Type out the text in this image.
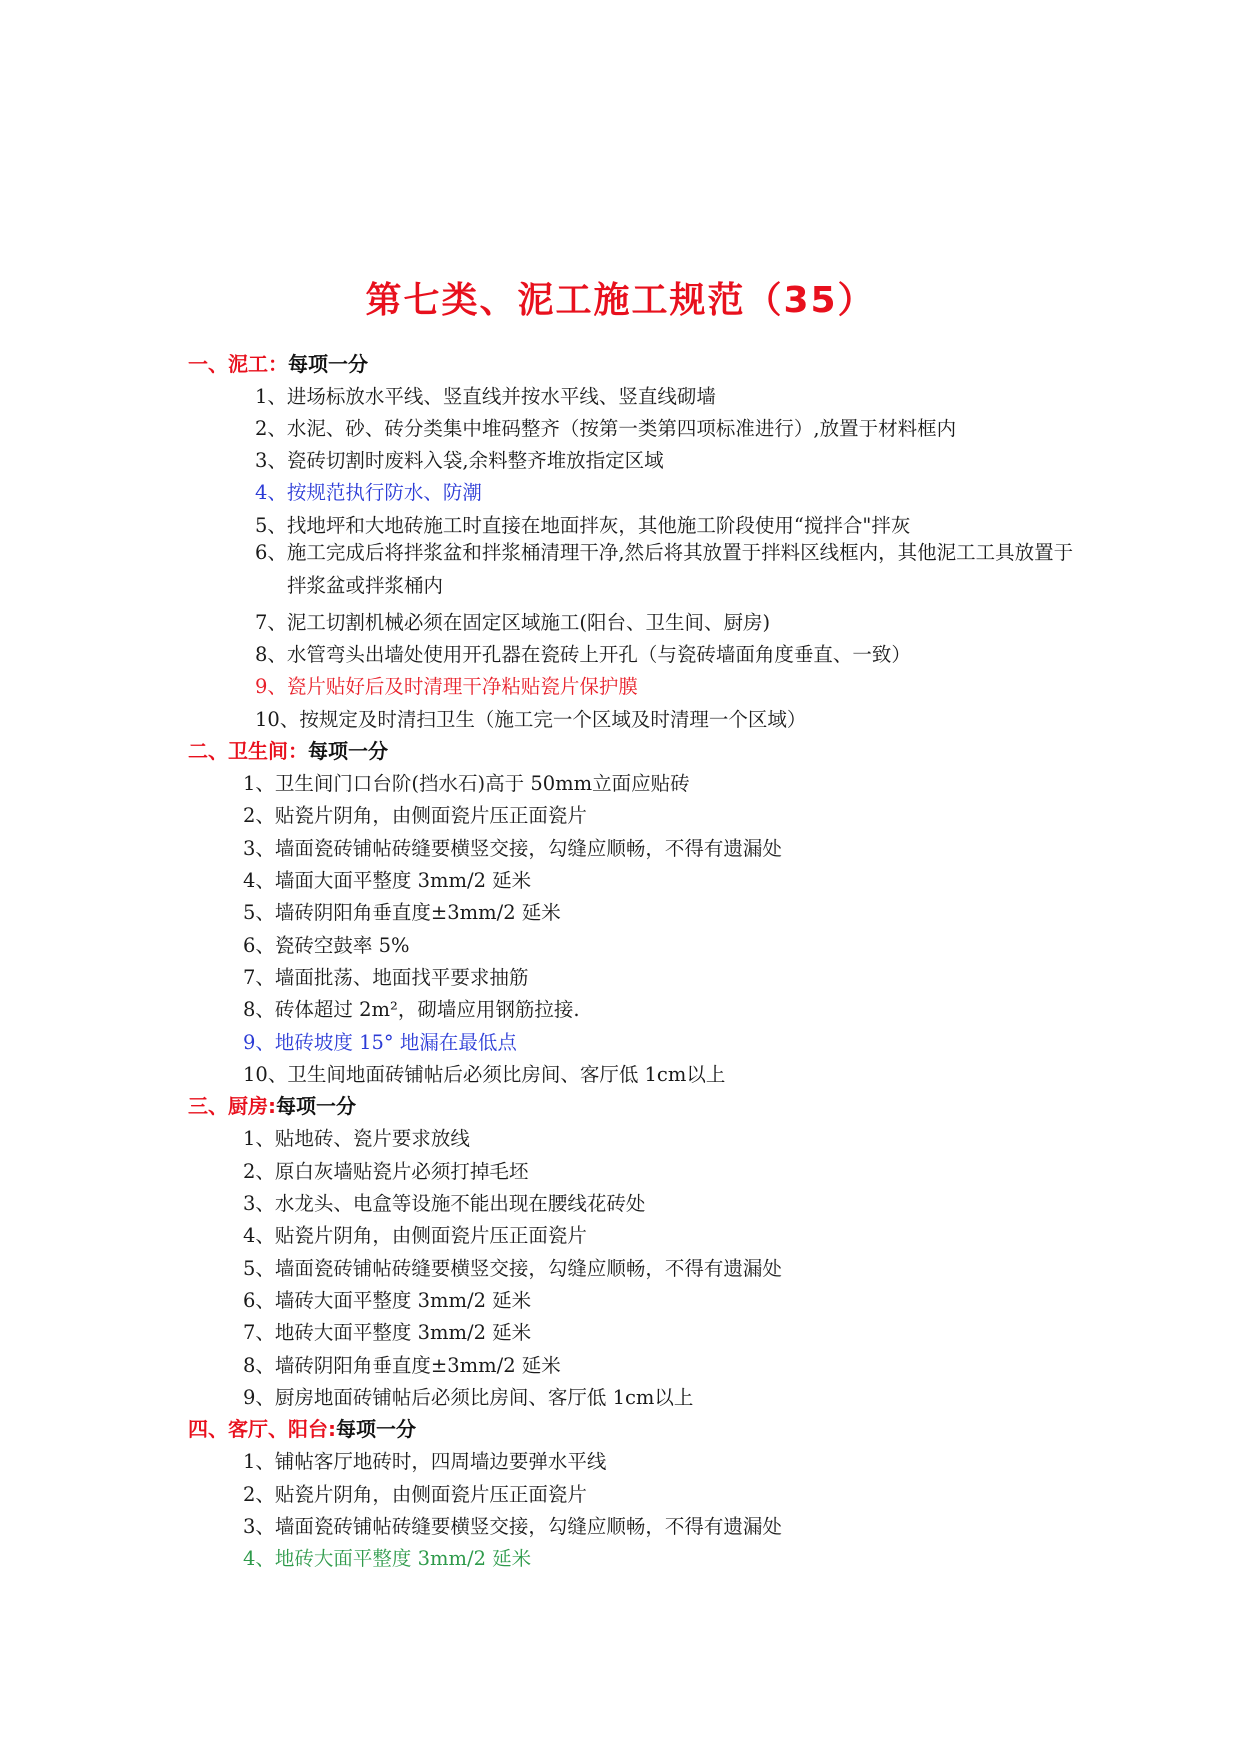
第七类、泥工施工规范（35）
一、泥工：每项一分
1、进场标放水平线、竖直线并按水平线、竖直线砌墙
2、水泥、砂、砖分类集中堆码整齐（按第一类第四项标准进行）,放置于材料框内
3、瓷砖切割时废料入袋,余料整齐堆放指定区域
4、按规范执行防水、防潮
5、找地坪和大地砖施工时直接在地面拌灰，其他施工阶段使用“搅拌合"拌灰
6、施工完成后将拌浆盆和拌浆桶清理干净,然后将其放置于拌料区线框内，其他泥工工具放置于拌浆盆或拌浆桶内
7、泥工切割机械必须在固定区域施工(阳台、卫生间、厨房)
8、水管弯头出墙处使用开孔器在瓷砖上开孔（与瓷砖墙面角度垂直、一致）
9、瓷片贴好后及时清理干净粘贴瓷片保护膜
10、按规定及时清扫卫生（施工完一个区域及时清理一个区域）
二、卫生间：每项一分
1、卫生间门口台阶(挡水石)高于 50mm立面应贴砖
2、贴瓷片阴角，由侧面瓷片压正面瓷片
3、墙面瓷砖铺帖砖缝要横竖交接，勾缝应顺畅，不得有遗漏处
4、墙面大面平整度 3mm/2 延米
5、墙砖阴阳角垂直度±3mm/2 延米
6、瓷砖空鼓率 5%
7、墙面批荡、地面找平要求抽筋
8、砖体超过 2m²，砌墙应用钢筋拉接.
9、地砖坡度 15° 地漏在最低点
10、卫生间地面砖铺帖后必须比房间、客厅低 1cm以上
三、厨房:每项一分
1、贴地砖、瓷片要求放线
2、原白灰墙贴瓷片必须打掉毛坯
3、水龙头、电盒等设施不能出现在腰线花砖处
4、贴瓷片阴角，由侧面瓷片压正面瓷片
5、墙面瓷砖铺帖砖缝要横竖交接，勾缝应顺畅，不得有遗漏处
6、墙砖大面平整度 3mm/2 延米
7、地砖大面平整度 3mm/2 延米
8、墙砖阴阳角垂直度±3mm/2 延米
9、厨房地面砖铺帖后必须比房间、客厅低 1cm以上
四、客厅、阳台:每项一分
1、铺帖客厅地砖时，四周墙边要弹水平线
2、贴瓷片阴角，由侧面瓷片压正面瓷片
3、墙面瓷砖铺帖砖缝要横竖交接，勾缝应顺畅，不得有遗漏处
4、地砖大面平整度 3mm/2 延米
